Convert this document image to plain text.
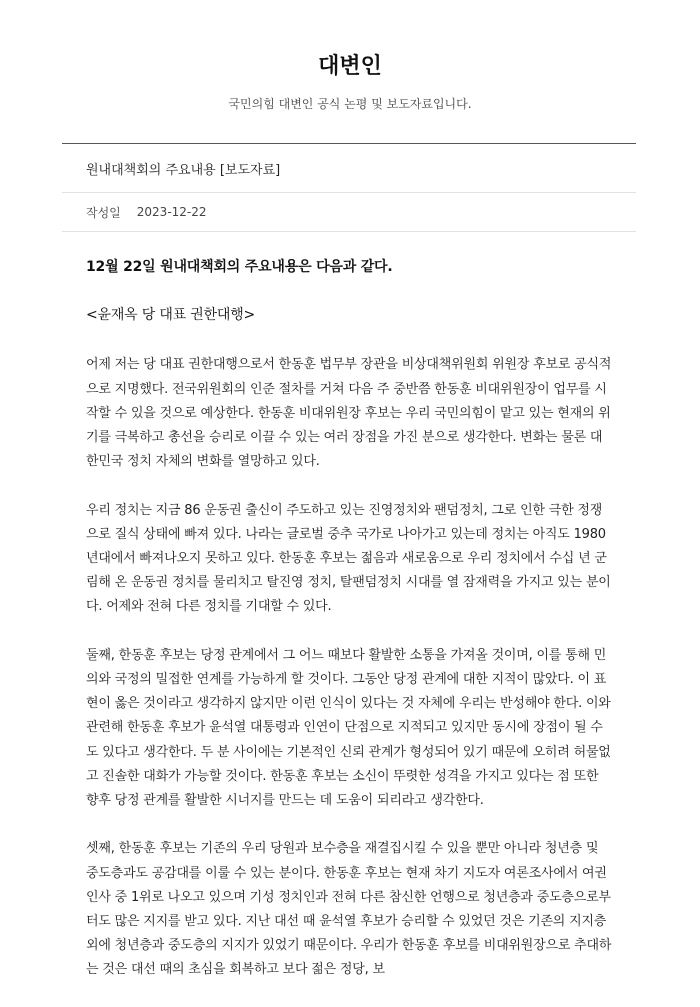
대변인
국민의힘 대변인 공식 논평 및 보도자료입니다.
원내대책회의 주요내용 [보도자료]
작성일 2023-12-22

12월 22일 원내대책회의 주요내용은 다음과 같다.

<윤재옥 당 대표 권한대행>

어제 저는 당 대표 권한대행으로서 한동훈 법무부 장관을 비상대책위원회 위원장 후보로 공식적으로 지명했다. 전국위원회의 인준 절차를 거쳐 다음 주 중반쯤 한동훈 비대위원장이 업무를 시작할 수 있을 것으로 예상한다. 한동훈 비대위원장 후보는 우리 국민의힘이 맡고 있는 현재의 위기를 극복하고 총선을 승리로 이끌 수 있는 여러 장점을 가진 분으로 생각한다. 변화는 물론 대한민국 정치 자체의 변화를 열망하고 있다.

우리 정치는 지금 86 운동권 출신이 주도하고 있는 진영정치와 팬덤정치, 그로 인한 극한 정쟁으로 질식 상태에 빠져 있다. 나라는 글로벌 중추 국가로 나아가고 있는데 정치는 아직도 1980년대에서 빠져나오지 못하고 있다. 한동훈 후보는 젊음과 새로움으로 우리 정치에서 수십 년 군림해 온 운동권 정치를 물리치고 탈진영 정치, 탈팬덤정치 시대를 열 잠재력을 가지고 있는 분이다. 어제와 전혀 다른 정치를 기대할 수 있다.

둘째, 한동훈 후보는 당정 관계에서 그 어느 때보다 활발한 소통을 가져올 것이며, 이를 통해 민의와 국정의 밀접한 연계를 가능하게 할 것이다. 그동안 당정 관계에 대한 지적이 많았다. 이 표현이 옳은 것이라고 생각하지 않지만 이런 인식이 있다는 것 자체에 우리는 반성해야 한다. 이와 관련해 한동훈 후보가 윤석열 대통령과 인연이 단점으로 지적되고 있지만 동시에 장점이 될 수도 있다고 생각한다. 두 분 사이에는 기본적인 신뢰 관계가 형성되어 있기 때문에 오히려 허물없고 진솔한 대화가 가능할 것이다. 한동훈 후보는 소신이 뚜렷한 성격을 가지고 있다는 점 또한 향후 당정 관계를 활발한 시너지를 만드는 데 도움이 되리라고 생각한다.

셋째, 한동훈 후보는 기존의 우리 당원과 보수층을 재결집시킬 수 있을 뿐만 아니라 청년층 및 중도층과도 공감대를 이룰 수 있는 분이다. 한동훈 후보는 현재 차기 지도자 여론조사에서 여권 인사 중 1위로 나오고 있으며 기성 정치인과 전혀 다른 참신한 언행으로 청년층과 중도층으로부터도 많은 지지를 받고 있다. 지난 대선 때 윤석열 후보가 승리할 수 있었던 것은 기존의 지지층 외에 청년층과 중도층의 지지가 있었기 때문이다. 우리가 한동훈 후보를 비대위원장으로 추대하는 것은 대선 때의 초심을 회복하고 보다 젊은 정당, 보
